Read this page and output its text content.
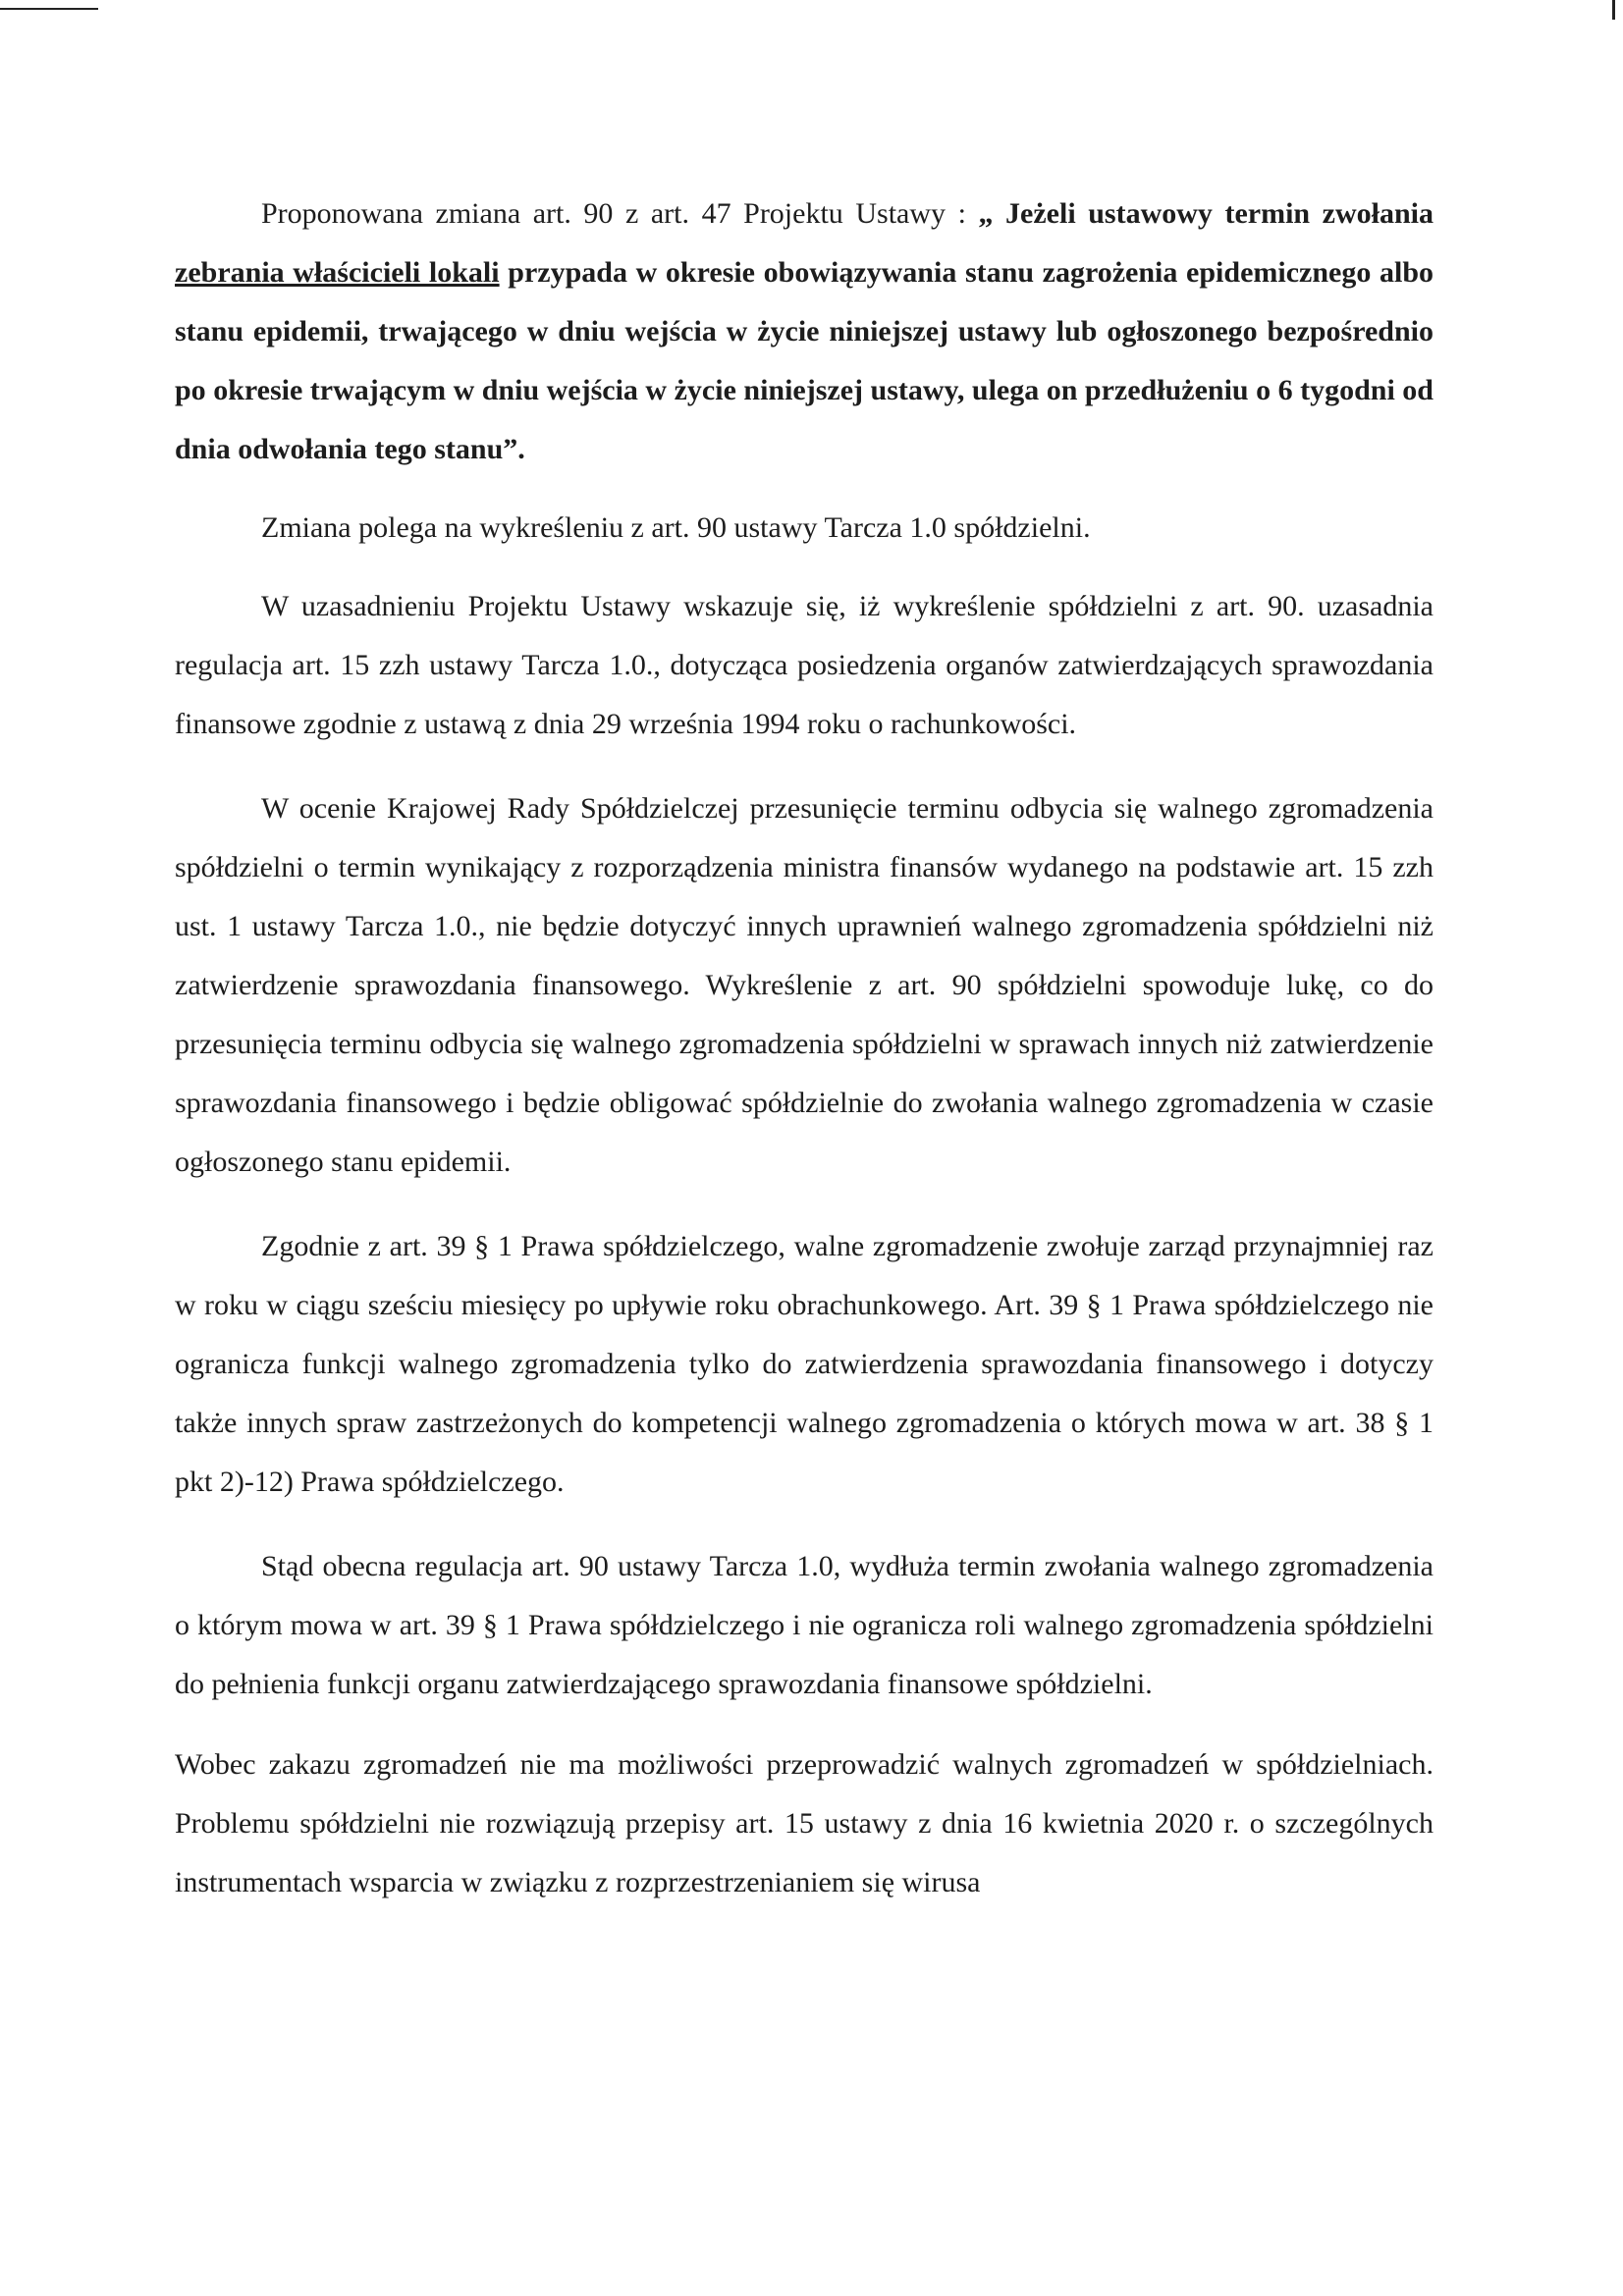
Proponowana zmiana art. 90 z art. 47 Projektu Ustawy : „ Jeżeli ustawowy termin zwołania zebrania właścicieli lokali przypada w okresie obowiązywania stanu zagrożenia epidemicznego albo stanu epidemii, trwającego w dniu wejścia w życie niniejszej ustawy lub ogłoszonego bezpośrednio po okresie trwającym w dniu wejścia w życie niniejszej ustawy, ulega on przedłużeniu o 6 tygodni od dnia odwołania tego stanu”.

Zmiana polega na wykreśleniu z art. 90 ustawy Tarcza 1.0 spółdzielni.

W uzasadnieniu Projektu Ustawy wskazuje się, iż wykreślenie spółdzielni z art. 90. uzasadnia regulacja art. 15 zzh ustawy Tarcza 1.0., dotycząca posiedzenia organów zatwierdzających sprawozdania finansowe zgodnie z ustawą z dnia 29 września 1994 roku o rachunkowości.

W ocenie Krajowej Rady Spółdzielczej przesunięcie terminu odbycia się walnego zgromadzenia spółdzielni o termin wynikający z rozporządzenia ministra finansów wydanego na podstawie art. 15 zzh ust. 1 ustawy Tarcza 1.0., nie będzie dotyczyć innych uprawnień walnego zgromadzenia spółdzielni niż zatwierdzenie sprawozdania finansowego. Wykreślenie z art. 90 spółdzielni spowoduje lukę, co do przesunięcia terminu odbycia się walnego zgromadzenia spółdzielni w sprawach innych niż zatwierdzenie sprawozdania finansowego i będzie obligować spółdzielnie do zwołania walnego zgromadzenia w czasie ogłoszonego stanu epidemii.

Zgodnie z art. 39 § 1 Prawa spółdzielczego, walne zgromadzenie zwołuje zarząd przynajmniej raz w roku w ciągu sześciu miesięcy po upływie roku obrachunkowego. Art. 39 § 1 Prawa spółdzielczego nie ogranicza funkcji walnego zgromadzenia tylko do zatwierdzenia sprawozdania finansowego i dotyczy także innych spraw zastrzeżonych do kompetencji walnego zgromadzenia o których mowa w art. 38 § 1 pkt 2)-12) Prawa spółdzielczego.

Stąd obecna regulacja art. 90 ustawy Tarcza 1.0, wydłuża termin zwołania walnego zgromadzenia o którym mowa w art. 39 § 1 Prawa spółdzielczego i nie ogranicza roli walnego zgromadzenia spółdzielni do pełnienia funkcji organu zatwierdzającego sprawozdania finansowe spółdzielni.

Wobec zakazu zgromadzeń nie ma możliwości przeprowadzić walnych zgromadzeń w spółdzielniach. Problemu spółdzielni nie rozwiązują przepisy art. 15 ustawy z dnia 16 kwietnia 2020 r. o szczególnych instrumentach wsparcia w związku z rozprzestrzenianiem się wirusa
